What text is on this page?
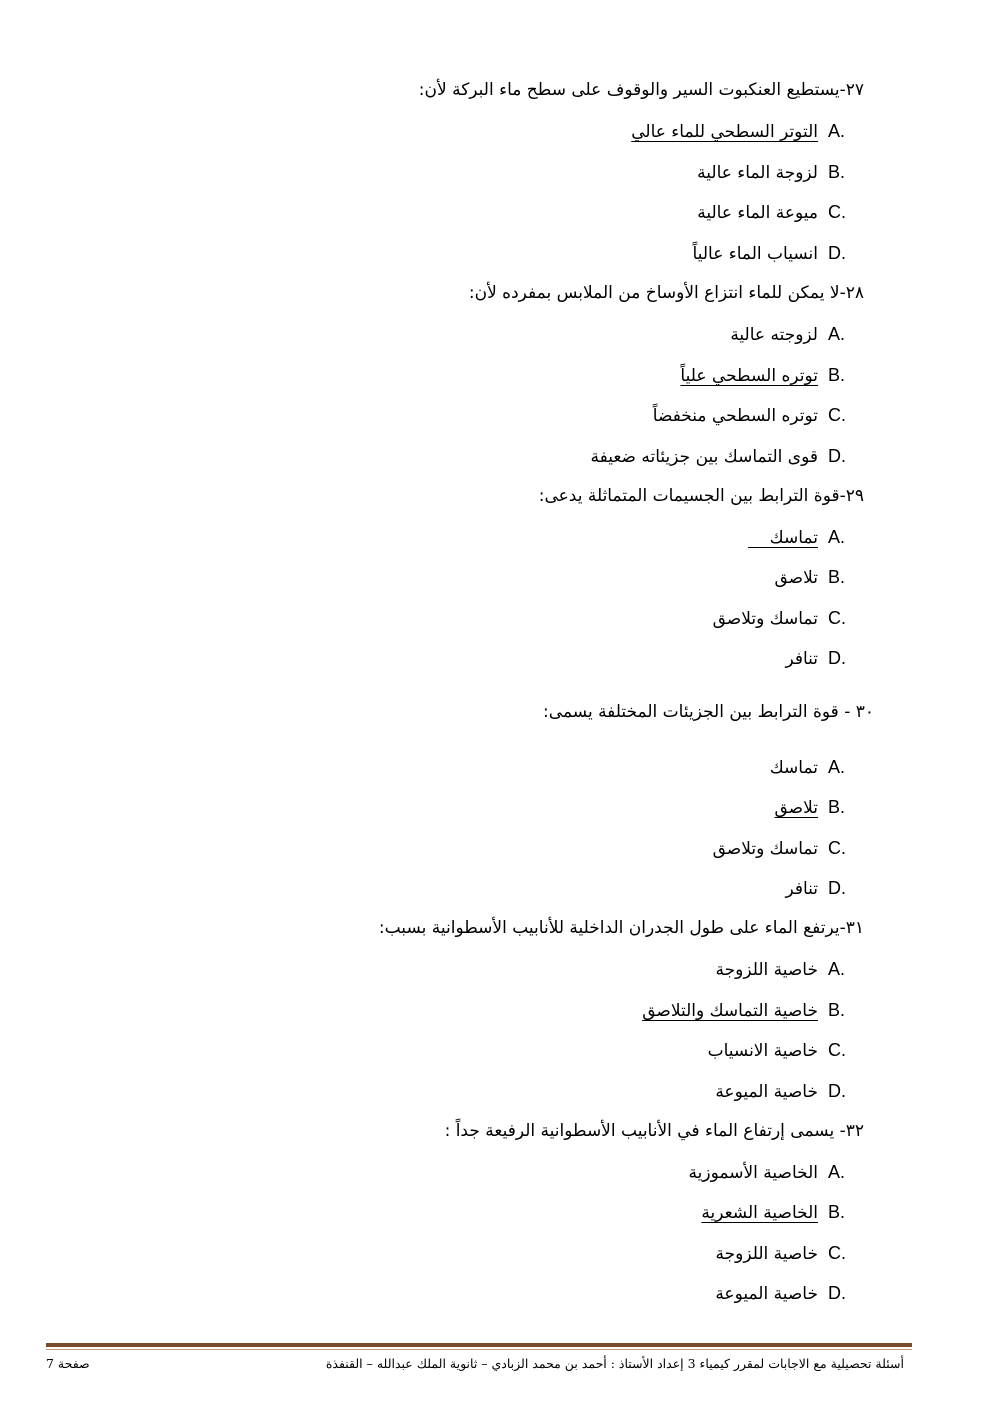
٢٧-يستطيع العنكبوت السير والوقوف على سطح ماء البركة لأن:
A.التوتر السطحي للماء عالي
B.لزوجة الماء عالية
C.ميوعة الماء عالية
D.انسياب الماء عالياً
٢٨-لا يمكن للماء انتزاع الأوساخ من الملابس بمفرده لأن:
A.لزوجته عالية
B.توتره السطحي علياً
C.توتره السطحي منخفضاً
D.قوى التماسك بين جزيئاته ضعيفة
٢٩-قوة الترابط بين الجسيمات المتماثلة يدعى:
A.تماسك
B.تلاصق
C.تماسك وتلاصق
D.تنافر
٣٠ - قوة الترابط بين الجزيئات المختلفة يسمى:
A.تماسك
B.تلاصق
C.تماسك وتلاصق
D.تنافر
٣١-يرتفع الماء على طول الجدران الداخلية للأنابيب الأسطوانية بسبب:
A.خاصية اللزوجة
B.خاصية التماسك والتلاصق
C.خاصية الانسياب
D.خاصية الميوعة
٣٢- يسمى إرتفاع الماء في الأنابيب الأسطوانية الرفيعة جداً :
A.الخاصية الأسموزية
B.الخاصية الشعرية
C.خاصية اللزوجة
D.خاصية الميوعة
أسئلة تحصيلية مع الاجابات لمقرر كيمياء 3 إعداد الأستاذ : أحمد بن محمد الزبادي – ثانوية الملك عبدالله – القنفذة
صفحة 7
